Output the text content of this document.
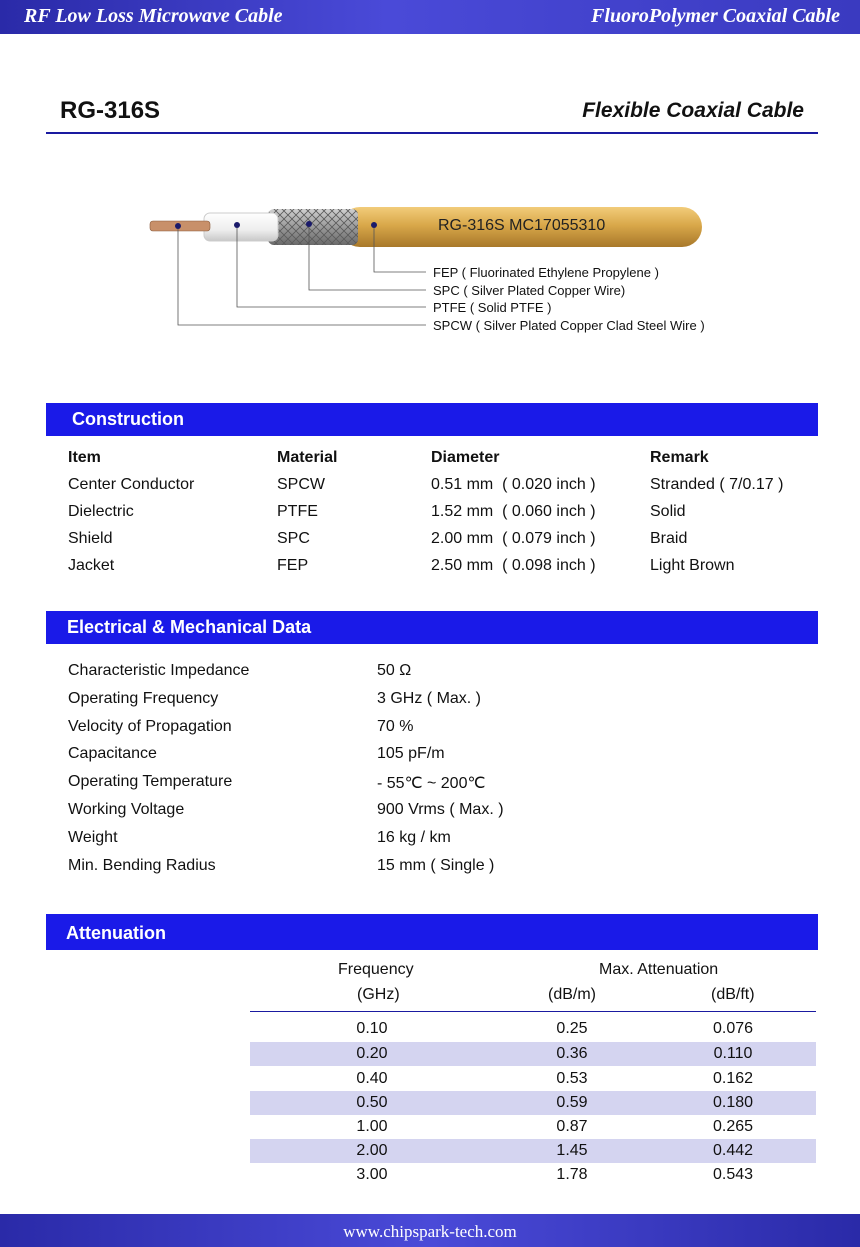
RF Low Loss Microwave Cable	FluoroPolymer Coaxial Cable
RG-316S	Flexible Coaxial Cable
RG-316S MC17055310
FEP ( Fluorinated Ethylene Propylene )
SPC ( Silver Plated Copper Wire)
PTFE ( Solid PTFE )
SPCW ( Silver Plated Copper Clad Steel Wire )
Construction
Item	Material	Diameter	Remark
Center Conductor	SPCW	0.51 mm  ( 0.020 inch )	Stranded ( 7/0.17 )
Dielectric	PTFE	1.52 mm  ( 0.060 inch )	Solid
Shield	SPC	2.00 mm  ( 0.079 inch )	Braid
Jacket	FEP	2.50 mm  ( 0.098 inch )	Light Brown
Electrical & Mechanical Data
Characteristic Impedance	50 Ω
Operating Frequency	3 GHz ( Max. )
Velocity of Propagation	70 %
Capacitance	105 pF/m
Operating Temperature	- 55℃ ~ 200℃
Working Voltage	900 Vrms ( Max. )
Weight	16 kg / km
Min. Bending Radius	15 mm ( Single )
Attenuation
Frequency
(GHz)
Max. Attenuation
(dB/m)	(dB/ft)
0.10	0.25	0.076
0.20	0.36	0.110
0.40	0.53	0.162
0.50	0.59	0.180
1.00	0.87	0.265
2.00	1.45	0.442
3.00	1.78	0.543
www.chipspark-tech.com
